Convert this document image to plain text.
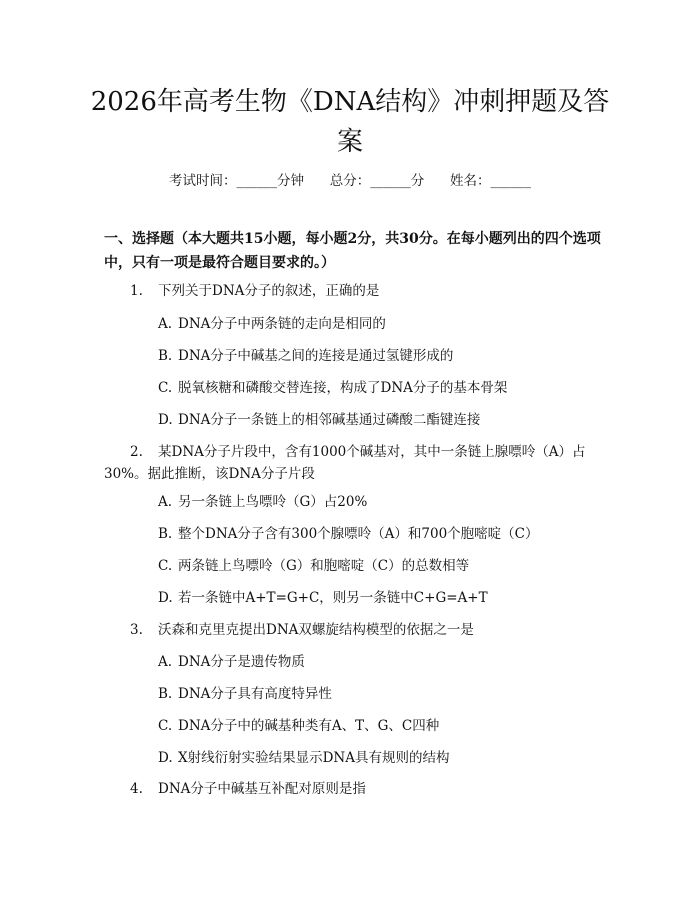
2026年高考生物《DNA结构》冲刺押题及答案
考试时间：______分钟      总分：______分      姓名：______

一、选择题（本大题共15小题，每小题2分，共30分。在每小题列出的四个选项中，只有一项是最符合题目要求的。）

1. 下列关于DNA分子的叙述，正确的是
A. DNA分子中两条链的走向是相同的
B. DNA分子中碱基之间的连接是通过氢键形成的
C. 脱氧核糖和磷酸交替连接，构成了DNA分子的基本骨架
D. DNA分子一条链上的相邻碱基通过磷酸二酯键连接
2. 某DNA分子片段中，含有1000个碱基对，其中一条链上腺嘌呤（A）占30%。据此推断，该DNA分子片段
A. 另一条链上鸟嘌呤（G）占20%
B. 整个DNA分子含有300个腺嘌呤（A）和700个胞嘧啶（C）
C. 两条链上鸟嘌呤（G）和胞嘧啶（C）的总数相等
D. 若一条链中A+T=G+C，则另一条链中C+G=A+T
3. 沃森和克里克提出DNA双螺旋结构模型的依据之一是
A. DNA分子是遗传物质
B. DNA分子具有高度特异性
C. DNA分子中的碱基种类有A、T、G、C四种
D. X射线衍射实验结果显示DNA具有规则的结构
4. DNA分子中碱基互补配对原则是指
